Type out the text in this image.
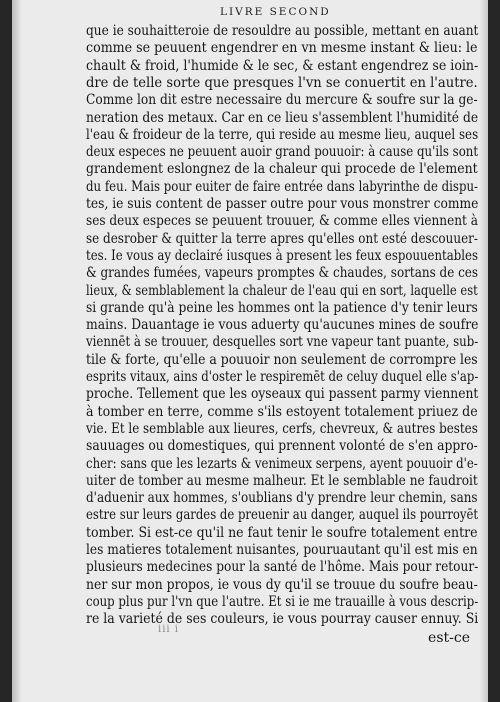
LIVRE SECOND
que ie souhaitteroie de resouldre au possible, mettant en auant
comme se peuuent engendrer en vn mesme instant & lieu: le
chault & froid, l'humide & le sec, & estant engendrez se ioin-
dre de telle sorte que presques l'vn se conuertit en l'autre.
Comme lon dit estre necessaire du mercure & soufre sur la ge-
neration des metaux. Car en ce lieu s'assemblent l'humidité de
l'eau & froideur de la terre, qui reside au mesme lieu, auquel ses
deux especes ne peuuent auoir grand pouuoir: à cause qu'ils sont
grandement eslongnez de la chaleur qui procede de l'element
du feu. Mais pour euiter de faire entrée dans labyrinthe de dispu-
tes, ie suis content de passer outre pour vous monstrer comme
ses deux especes se peuuent trouuer, & comme elles viennent à
se desrober & quitter la terre apres qu'elles ont esté descouuer-
tes. Ie vous ay declairé iusques à present les feux espouuentables
& grandes fumées, vapeurs promptes & chaudes, sortans de ces
lieux, & semblablement la chaleur de l'eau qui en sort, laquelle est
si grande qu'à peine les hommes ont la patience d'y tenir leurs
mains. Dauantage ie vous aduerty qu'aucunes mines de soufre
viennēt à se trouuer, desquelles sort vne vapeur tant puante, sub-
tile & forte, qu'elle a pouuoir non seulement de corrompre les
esprits vitaux, ains d'oster le respiremēt de celuy duquel elle s'ap-
proche. Tellement que les oyseaux qui passent parmy viennent
à tomber en terre, comme s'ils estoyent totalement priuez de
vie. Et le semblable aux lieures, cerfs, chevreux, & autres bestes
sauuages ou domestiques, qui prennent volonté de s'en appro-
cher: sans que les lezarts & venimeux serpens, ayent pouuoir d'e-
uiter de tomber au mesme malheur. Et le semblable ne faudroit
d'aduenir aux hommes, s'oublians d'y prendre leur chemin, sans
estre sur leurs gardes de preuenir au danger, auquel ils pourroyēt
tomber. Si est-ce qu'il ne faut tenir le soufre totalement entre
les matieres totalement nuisantes, pouruautant qu'il est mis en
plusieurs medecines pour la santé de l'hôme. Mais pour retour-
ner sur mon propos, ie vous dy qu'il se trouue du soufre beau-
coup plus pur l'vn que l'autre. Et si ie me trauaille à vous descrip-
re la varieté de ses couleurs, ie vous pourray causer ennuy. Si
iii i
est-ce
